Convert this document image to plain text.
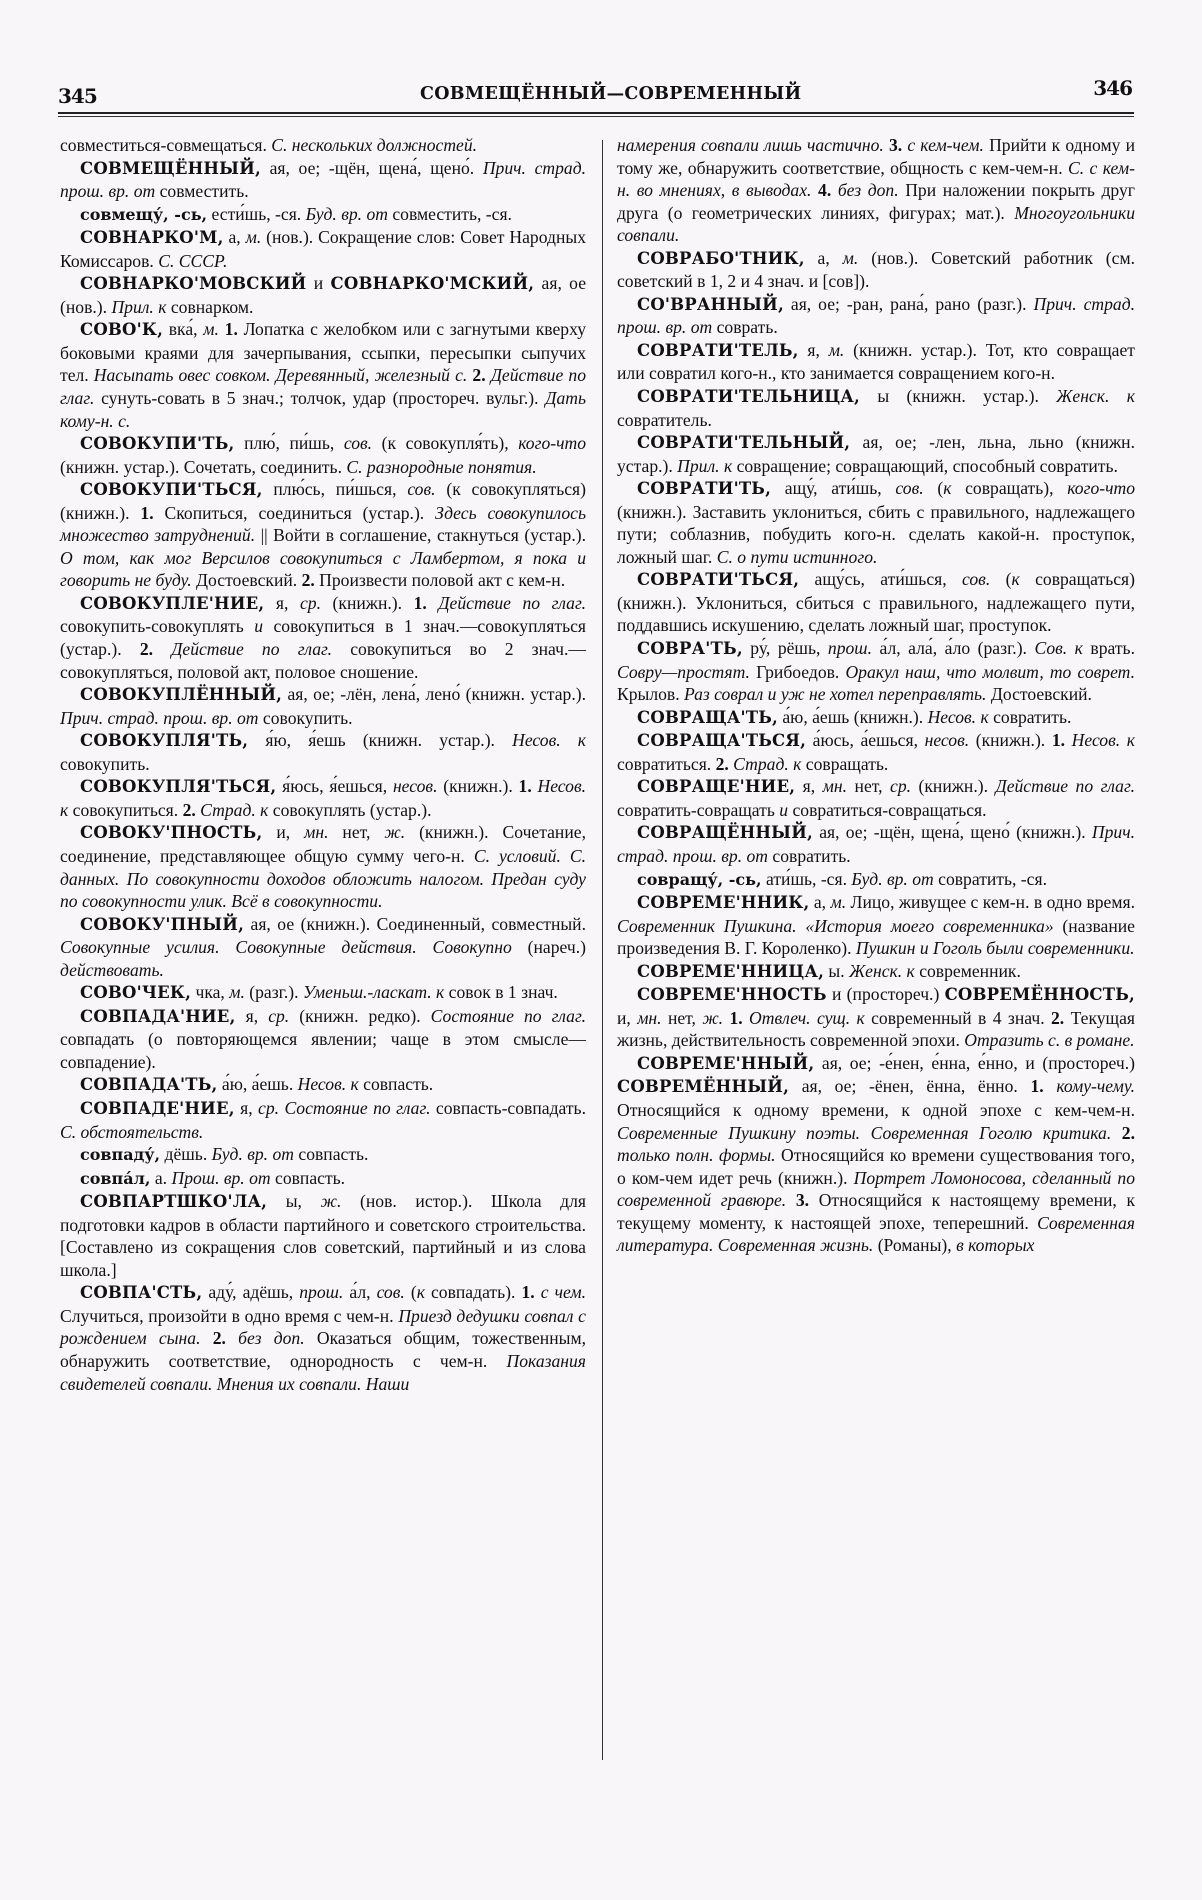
345	СОВМЕЩЁННЫЙ—СОВРЕМЕННЫЙ	346

совместиться-совмещаться. С. нескольких должностей.

СОВМЕЩЁННЫЙ, ая, ое; -щён, щена́, щено́. Прич. страд. прош. вр. от совместить.

совмещу́, -сь, ести́шь, -ся. Буд. вр. от совместить, -ся.

СОВНАРКО'М, а, м. (нов.). Сокращение слов: Совет Народных Комиссаров. С. СССР.

СОВНАРКО'МОВСКИЙ и СОВНАРКО'МСКИЙ, ая, ое (нов.). Прил. к совнарком.

СОВО'К, вка́, м. 1. Лопатка с желобком или с загнутыми кверху боковыми краями для зачерпывания, ссыпки, пересыпки сыпучих тел. Насыпать овес совком. Деревянный, железный с. 2. Действие по глаг. сунуть-совать в 5 знач.; толчок, удар (простореч. вульг.). Дать кому-н. с.

СОВОКУПИ'ТЬ, плю́, пи́шь, сов. (к совокупля́ть), кого-что (книжн. устар.). Сочетать, соединить. С. разнородные понятия.

СОВОКУПИ'ТЬСЯ, плю́сь, пи́шься, сов. (к совокупляться) (книжн.). 1. Скопиться, соединиться (устар.). Здесь совокупилось множество затруднений. || Войти в соглашение, стакнуться (устар.). О том, как мог Версилов совокупиться с Ламбертом, я пока и говорить не буду. Достоевский. 2. Произвести половой акт с кем-н.

СОВОКУПЛЕ'НИЕ, я, ср. (книжн.). 1. Действие по глаг. совокупить-совокуплять и совокупиться в 1 знач.—совокупляться (устар.). 2. Действие по глаг. совокупиться во 2 знач.—совокупляться, половой акт, половое сношение.

СОВОКУПЛЁННЫЙ, ая, ое; -лён, лена́, лено́ (книжн. устар.). Прич. страд. прош. вр. от совокупить.

СОВОКУПЛЯ'ТЬ, я́ю, я́ешь (книжн. устар.). Несов. к совокупить.

СОВОКУПЛЯ'ТЬСЯ, я́юсь, я́ешься, несов. (книжн.). 1. Несов. к совокупиться. 2. Страд. к совокуплять (устар.).

СОВОКУ'ПНОСТЬ, и, мн. нет, ж. (книжн.). Сочетание, соединение, представляющее общую сумму чего-н. С. условий. С. данных. По совокупности доходов обложить налогом. Предан суду по совокупности улик. Всё в совокупности.

СОВОКУ'ПНЫЙ, ая, ое (книжн.). Соединенный, совместный. Совокупные усилия. Совокупные действия. Совокупно (нареч.) действовать.

СОВО'ЧЕК, чка, м. (разг.). Уменьш.-ласкат. к совок в 1 знач.

СОВПАДА'НИЕ, я, ср. (книжн. редко). Состояние по глаг. совпадать (о повторяющемся явлении; чаще в этом смысле—совпадение).

СОВПАДА'ТЬ, а́ю, а́ешь. Несов. к совпасть.

СОВПАДЕ'НИЕ, я, ср. Состояние по глаг. совпасть-совпадать. С. обстоятельств.

совпаду́, дёшь. Буд. вр. от совпасть.

совпа́л, а. Прош. вр. от совпасть.

СОВПАРТШКО'ЛА, ы, ж. (нов. истор.). Школа для подготовки кадров в области партийного и советского строительства. [Составлено из сокращения слов советский, партийный и из слова школа.]

СОВПА'СТЬ, аду́, адёшь, прош. а́л, сов. (к совпадать). 1. с чем. Случиться, произойти в одно время с чем-н. Приезд дедушки совпал с рождением сына. 2. без доп. Оказаться общим, тожественным, обнаружить соответствие, однородность с чем-н. Показания свидетелей совпали. Мнения их совпали. Наши

намерения совпали лишь частично. 3. с кем-чем. Прийти к одному и тому же, обнаружить соответствие, общность с кем-чем-н. С. с кем-н. во мнениях, в выводах. 4. без доп. При наложении покрыть друг друга (о геометрических линиях, фигурах; мат.). Многоугольники совпали.

СОВРАБО'ТНИК, а, м. (нов.). Советский работник (см. советский в 1, 2 и 4 знач. и [сов]).

СО'ВРАННЫЙ, ая, ое; -ран, рана́, рано (разг.). Прич. страд. прош. вр. от соврать.

СОВРАТИ'ТЕЛЬ, я, м. (книжн. устар.). Тот, кто совращает или совратил кого-н., кто занимается совращением кого-н.

СОВРАТИ'ТЕЛЬНИЦА, ы (книжн. устар.). Женск. к совратитель.

СОВРАТИ'ТЕЛЬНЫЙ, ая, ое; -лен, льна, льно (книжн. устар.). Прил. к совращение; совращающий, способный совратить.

СОВРАТИ'ТЬ, ащу́, ати́шь, сов. (к совращать), кого-что (книжн.). Заставить уклониться, сбить с правильного, надлежащего пути; соблазнив, побудить кого-н. сделать какой-н. проступок, ложный шаг. С. о пути истинного.

СОВРАТИ'ТЬСЯ, ащу́сь, ати́шься, сов. (к совращаться) (книжн.). Уклониться, сбиться с правильного, надлежащего пути, поддавшись искушению, сделать ложный шаг, проступок.

СОВРА'ТЬ, ру́, рёшь, прош. а́л, ала́, а́ло (разг.). Сов. к врать. Совру—простят. Грибоедов. Оракул наш, что молвит, то соврет. Крылов. Раз соврал и уж не хотел переправлять. Достоевский.

СОВРАЩА'ТЬ, а́ю, а́ешь (книжн.). Несов. к совратить.

СОВРАЩА'ТЬСЯ, а́юсь, а́ешься, несов. (книжн.). 1. Несов. к совратиться. 2. Страд. к совращать.

СОВРАЩЕ'НИЕ, я, мн. нет, ср. (книжн.). Действие по глаг. совратить-совращать и совратиться-совращаться.

СОВРАЩЁННЫЙ, ая, ое; -щён, щена́, щено́ (книжн.). Прич. страд. прош. вр. от совратить.

совращу́, -сь, ати́шь, -ся. Буд. вр. от совратить, -ся.

СОВРЕМЕ'ННИК, а, м. Лицо, живущее с кем-н. в одно время. Современник Пушкина. «История моего современника» (название произведения В. Г. Короленко). Пушкин и Гоголь были современники.

СОВРЕМЕ'ННИЦА, ы. Женск. к современник.

СОВРЕМЕ'ННОСТЬ и (простореч.) СОВРЕМЁННОСТЬ, и, мн. нет, ж. 1. Отвлеч. сущ. к современный в 4 знач. 2. Текущая жизнь, действительность современной эпохи. Отразить с. в романе.

СОВРЕМЕ'ННЫЙ, ая, ое; -е́нен, е́нна, е́нно, и (простореч.) СОВРЕМЁННЫЙ, ая, ое; -ёнен, ённа, ённо. 1. кому-чему. Относящийся к одному времени, к одной эпохе с кем-чем-н. Современные Пушкину поэты. Современная Гоголю критика. 2. только полн. формы. Относящийся ко времени существования того, о ком-чем идет речь (книжн.). Портрет Ломоносова, сделанный по современной гравюре. 3. Относящийся к настоящему времени, к текущему моменту, к настоящей эпохе, теперешний. Современная литература. Современная жизнь. (Романы), в которых
